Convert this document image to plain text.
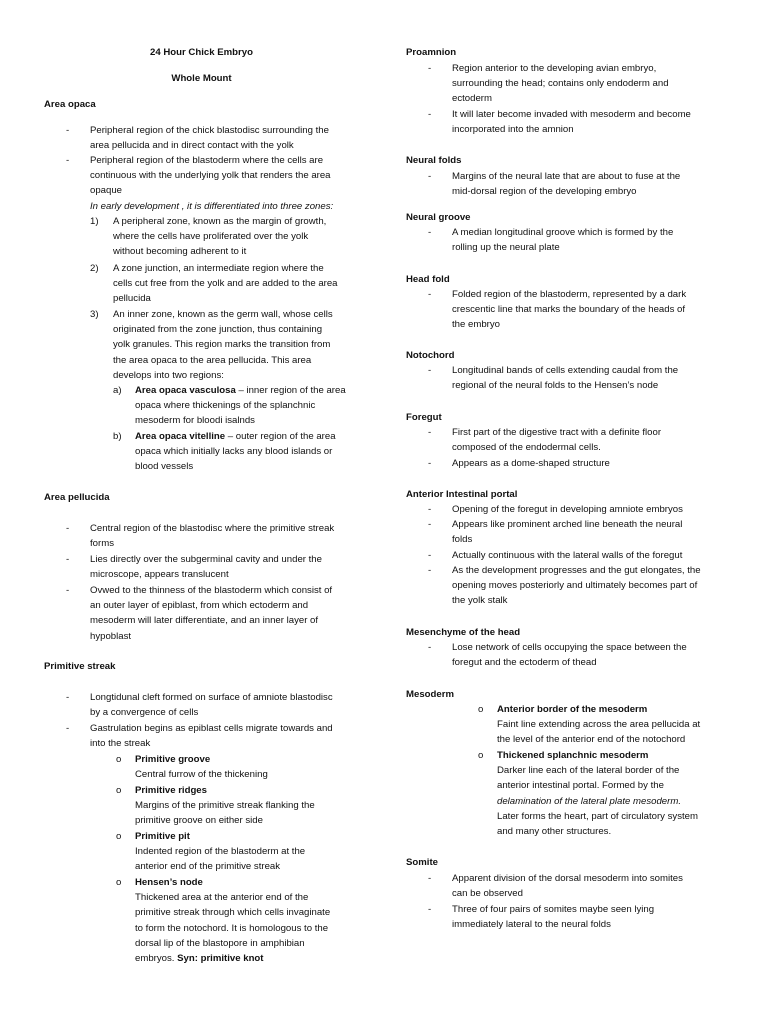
24 Hour Chick Embryo
Whole Mount
Area opaca
- Peripheral region of the chick blastodisc surrounding the
area pellucida and in direct contact with the yolk
- Peripheral region of the blastoderm where the cells are
continuous with the underlying yolk that renders the area
opaque
In early development , it is differentiated into three zones:
1) A peripheral zone, known as the margin of growth,
where the cells have proliferated over the yolk
without becoming adherent to it
2) A zone junction, an intermediate region where the
cells cut free from the yolk and are added to the area
pellucida
3) An inner zone, known as the germ wall, whose cells
originated from the zone junction, thus containing
yolk granules. This region marks the transition from
the area opaca to the area pellucida. This area
develops into two regions:
a) Area opaca vasculosa – inner region of the area
opaca where thickenings of the splanchnic
mesoderm for bloodi isalnds
b) Area opaca vitelline – outer region of the area
opaca which initially lacks any blood islands or
blood vessels
Area pellucida
- Central region of the blastodisc where the primitive streak
forms
- Lies directly over the subgerminal cavity and under the
microscope, appears translucent
- Ovwed to the thinness of the blastoderm which consist of
an outer layer of epiblast, from which ectoderm and
mesoderm will later differentiate, and an inner layer of
hypoblast
Primitive streak
- Longtidunal cleft formed on surface of amniote blastodisc
by a convergence of cells
- Gastrulation begins as epiblast cells migrate towards and
into the streak
o Primitive groove
Central furrow of the thickening
o Primitive ridges
Margins of the primitive streak flanking the
primitive groove on either side
o Primitive pit
Indented region of the blastoderm at the
anterior end of the primitive streak
o Hensen’s node
Thickened area at the anterior end of the
primitive streak through which cells invaginate
to form the notochord. It is homologous to the
dorsal lip of the blastopore in amphibian
embryos. Syn: primitive knot
Proamnion
- Region anterior to the developing avian embryo,
surrounding the head; contains only endoderm and
ectoderm
- It will later become invaded with mesoderm and become
incorporated into the amnion
Neural folds
- Margins of the neural late that are about to fuse at the
mid-dorsal region of the developing embryo
Neural groove
- A median longitudinal groove which is formed by the
rolling up the neural plate
Head fold
- Folded region of the blastoderm, represented by a dark
crescentic line that marks the boundary of the heads of
the embryo
Notochord
- Longitudinal bands of cells extending caudal from the
regional of the neural folds to the Hensen’s node
Foregut
- First part of the digestive tract with a definite floor
composed of the endodermal cells.
- Appears as a dome-shaped structure
Anterior Intestinal portal
- Opening of the foregut in developing amniote embryos
- Appears like prominent arched line beneath the neural
folds
- Actually continuous with the lateral walls of the foregut
- As the development progresses and the gut elongates, the
opening moves posteriorly and ultimately becomes part of
the yolk stalk
Mesenchyme of the head
- Lose network of cells occupying the space between the
foregut and the ectoderm of thead
Mesoderm
o Anterior border of the mesoderm
Faint line extending across the area pellucida at
the level of the anterior end of the notochord
o Thickened splanchnic mesoderm
Darker line each of the lateral border of the
anterior intestinal portal. Formed by the
delamination of the lateral plate mesoderm.
Later forms the heart, part of circulatory system
and many other structures.
Somite
- Apparent division of the dorsal mesoderm into somites
can be observed
- Three of four pairs of somites maybe seen lying
immediately lateral to the neural folds
